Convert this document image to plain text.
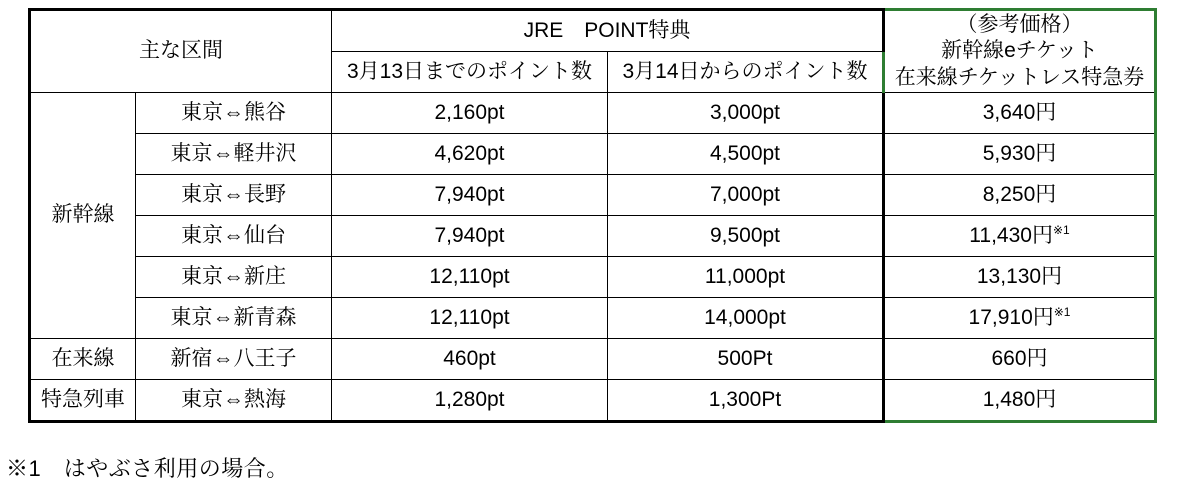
主な区間		JRE　POINT特典		（参考価格）
新幹線eチケット
在来線チケットレス特急券

		3月13日までのポイント数	3月14日からのポイント数	
新幹線	東京⇔熊谷	2,160pt	3,000pt	3,640円
	東京⇔軽井沢	4,620pt	4,500pt	5,930円
	東京⇔長野	7,940pt	7,000pt	8,250円
	東京⇔仙台	7,940pt	9,500pt	11,430円$^{※1}$
	東京⇔新庄	12,110pt	11,000pt	13,130円
	東京⇔新青森	12,110pt	14,000pt	17,910円$^{※1}$
在来線	新宿⇔八王子	460pt	500Pt	660円
特急列車	東京⇔熱海	1,280pt	1,300Pt	1,480円
※1　はやぶさ利用の場合。
